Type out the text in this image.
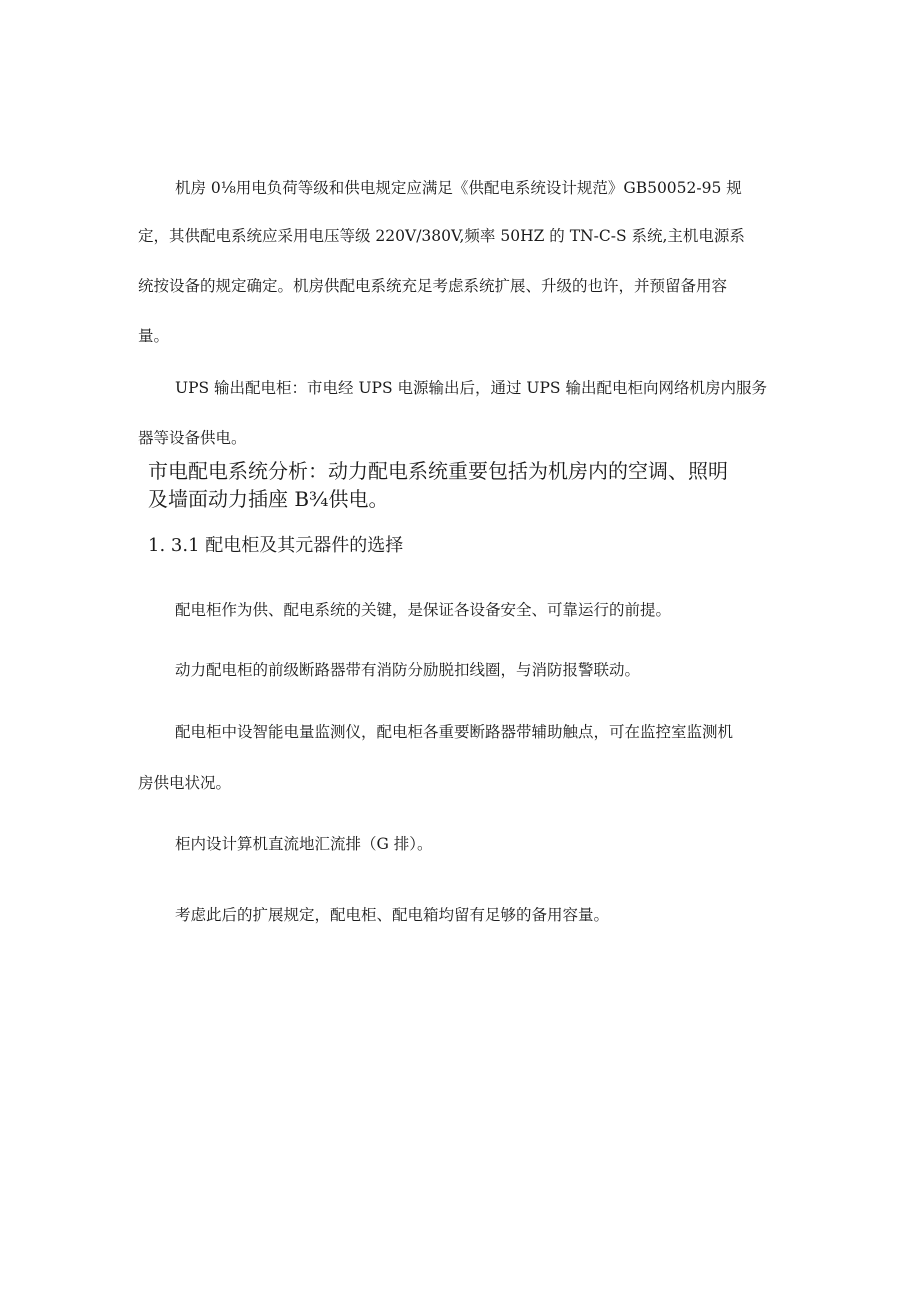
机房 0⅛用电负荷等级和供电规定应满足《供配电系统设计规范》GB50052-95 规
定，其供配电系统应采用电压等级 220V/380V,频率 50HZ 的 TN-C-S 系统,主机电源系
统按设备的规定确定。机房供配电系统充足考虑系统扩展、升级的也许，并预留备用容
量。
UPS 输出配电柜：市电经 UPS 电源输出后，通过 UPS 输出配电柜向网络机房内服务
器等设备供电。
市电配电系统分析：动力配电系统重要包括为机房内的空调、照明
及墙面动力插座 B¾供电。
1. 3.1 配电柜及其元器件的选择
配电柜作为供、配电系统的关键，是保证各设备安全、可靠运行的前提。
动力配电柜的前级断路器带有消防分励脱扣线圈，与消防报警联动。
配电柜中设智能电量监测仪，配电柜各重要断路器带辅助触点，可在监控室监测机
房供电状况。
柜内设计算机直流地汇流排（G 排）。
考虑此后的扩展规定，配电柜、配电箱均留有足够的备用容量。
